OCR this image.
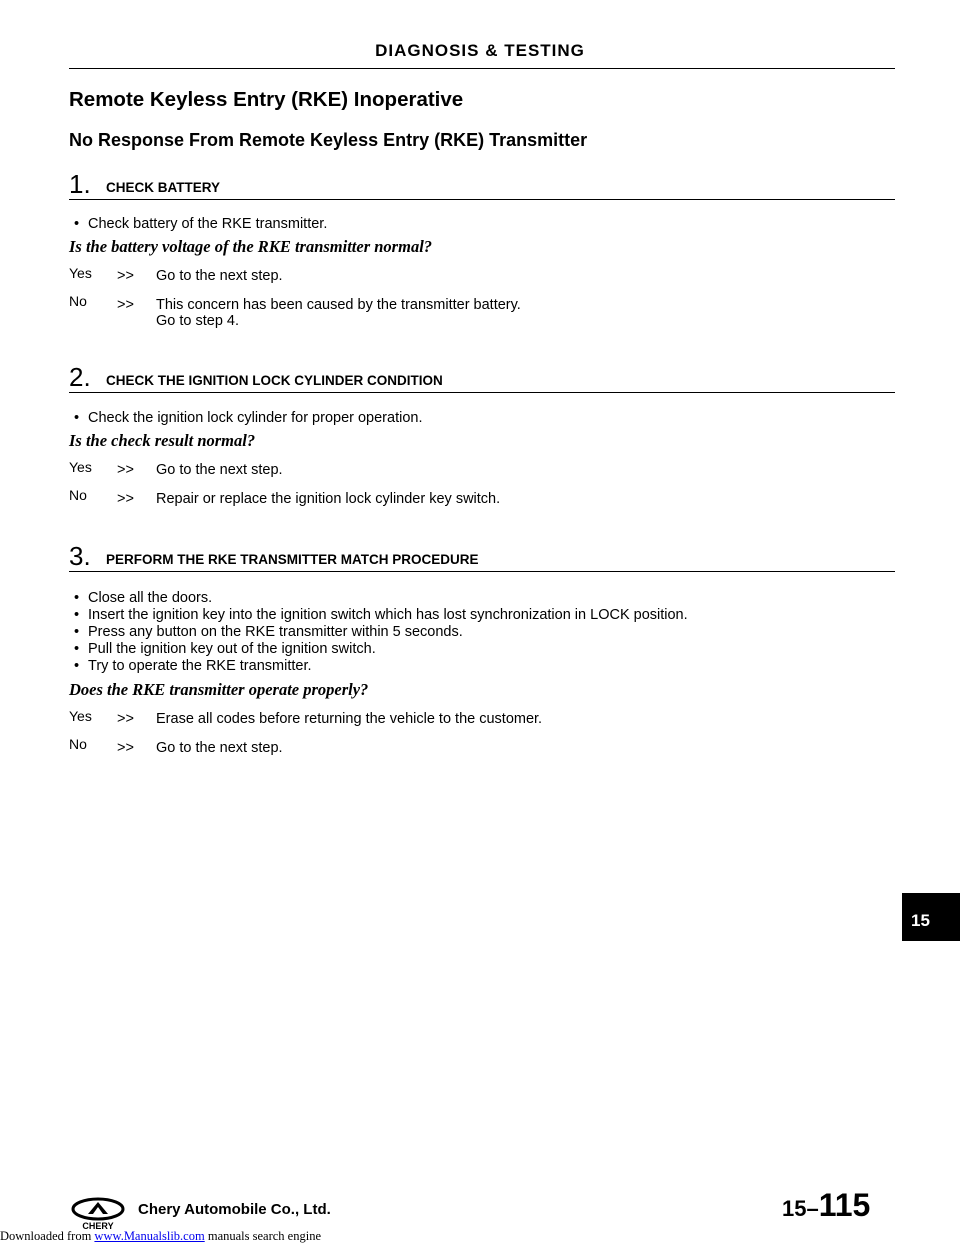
DIAGNOSIS & TESTING
Remote Keyless Entry (RKE) Inoperative
No Response From Remote Keyless Entry (RKE) Transmitter
1. CHECK BATTERY
• Check battery of the RKE transmitter.
Is the battery voltage of the RKE transmitter normal?
Yes >> Go to the next step.
No >> This concern has been caused by the transmitter battery.
Go to step 4.
2. CHECK THE IGNITION LOCK CYLINDER CONDITION
• Check the ignition lock cylinder for proper operation.
Is the check result normal?
Yes >> Go to the next step.
No >> Repair or replace the ignition lock cylinder key switch.
3. PERFORM THE RKE TRANSMITTER MATCH PROCEDURE
• Close all the doors.
• Insert the ignition key into the ignition switch which has lost synchronization in LOCK position.
• Press any button on the RKE transmitter within 5 seconds.
• Pull the ignition key out of the ignition switch.
• Try to operate the RKE transmitter.
Does the RKE transmitter operate properly?
Yes >> Erase all codes before returning the vehicle to the customer.
No >> Go to the next step.
15
CHERY
Chery Automobile Co., Ltd.	15–115
Downloaded from www.Manualslib.com manuals search engine
